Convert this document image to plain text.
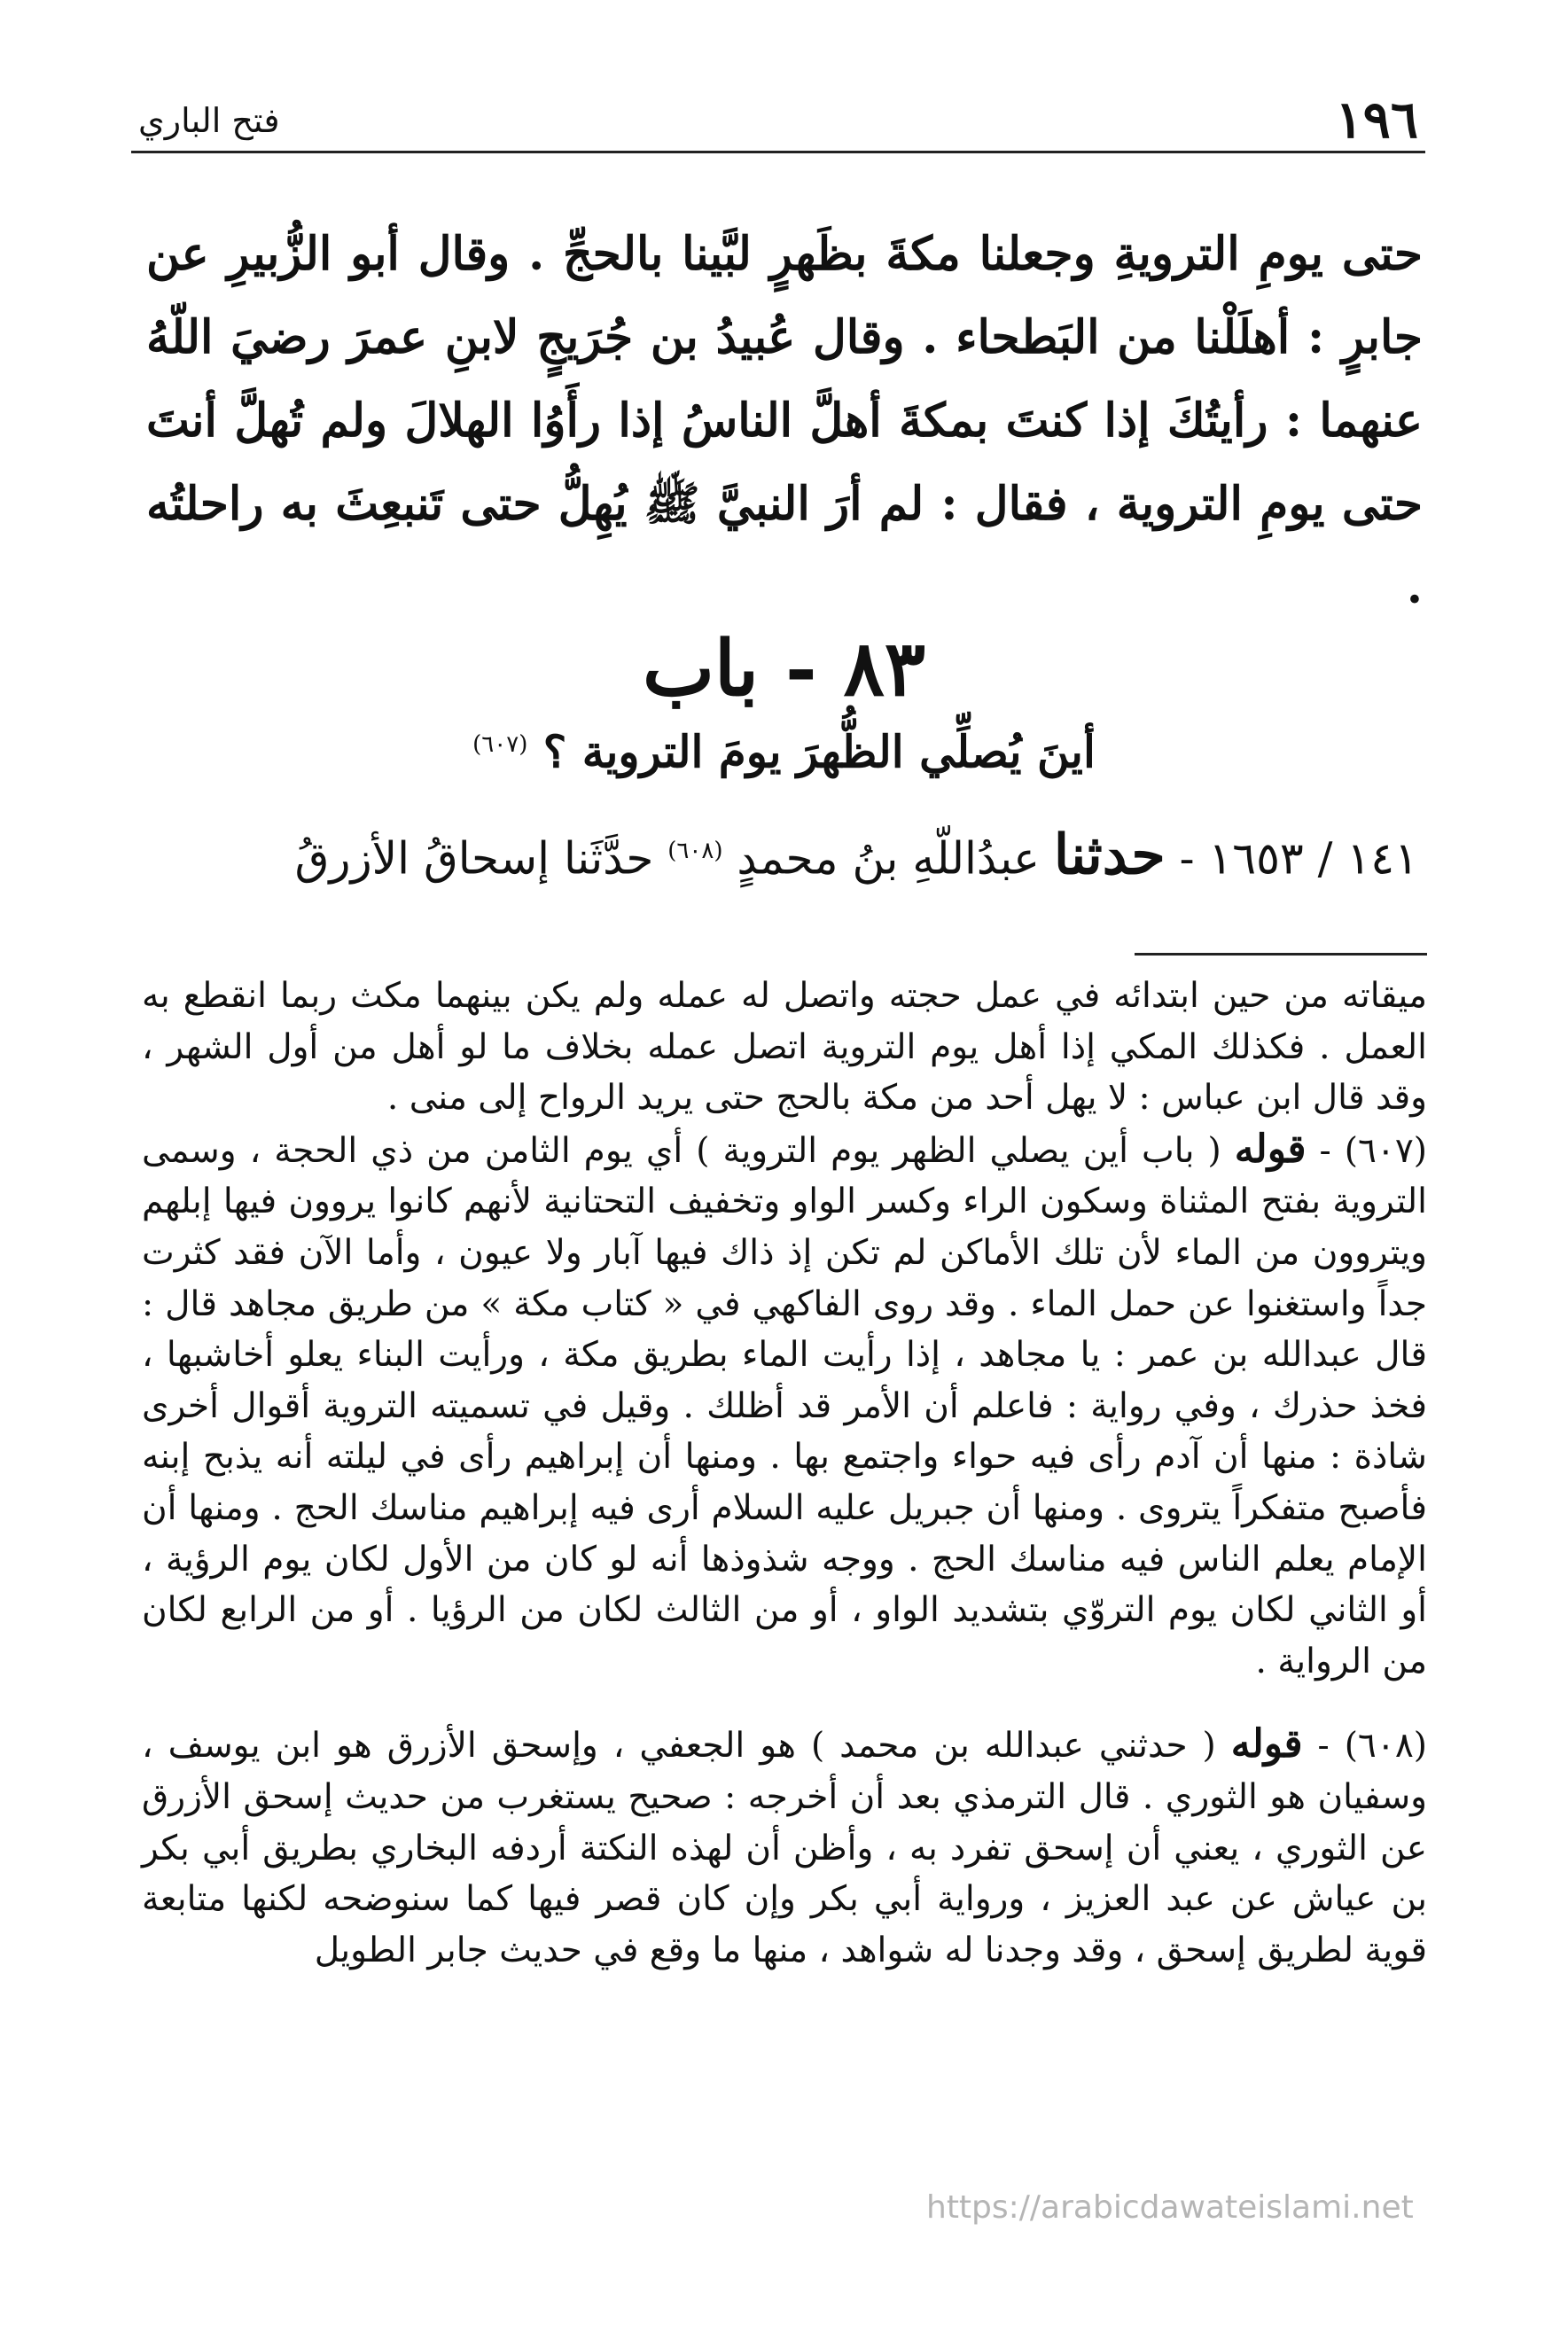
١٩٦
فتح الباري

حتى يومِ الترويةِ وجعلنا مكةَ بظَهرٍ لبَّينا بالحجِّ . وقال أبو الزُّبيرِ عن جابرٍ : أهلَلْنا من البَطحاء . وقال عُبيدُ بن جُرَيجٍ لابنِ عمرَ رضيَ اللّهُ عنهما : رأيتُكَ إذا كنتَ بمكةَ أهلَّ الناسُ إذا رأَوُا الهلالَ ولم تُهلَّ أنتَ حتى يومِ التروية ، فقال : لم أرَ النبيَّ ﷺ يُهِلُّ حتى تَنبعِثَ به راحلتُه .

٨٣ - باب
أينَ يُصلِّي الظُّهرَ يومَ التروية ؟ $^{(٦٠٧)}$
١٤١ / ١٦٥٣ - حدثنا عبدُاللّهِ بنُ محمدٍ $^{(٦٠٨)}$ حدَّثَنا إسحاقُ الأزرقُ

ميقاته من حين ابتدائه في عمل حجته واتصل له عمله ولم يكن بينهما مكث ربما انقطع به العمل . فكذلك المكي إذا أهل يوم التروية اتصل عمله بخلاف ما لو أهل من أول الشهر ، وقد قال ابن عباس : لا يهل أحد من مكة بالحج حتى يريد الرواح إلى منى .

(٦٠٧) - قوله ( باب أين يصلي الظهر يوم التروية ) أي يوم الثامن من ذي الحجة ، وسمى التروية بفتح المثناة وسكون الراء وكسر الواو وتخفيف التحتانية لأنهم كانوا يروون فيها إبلهم ويتروون من الماء لأن تلك الأماكن لم تكن إذ ذاك فيها آبار ولا عيون ، وأما الآن فقد كثرت جداً واستغنوا عن حمل الماء . وقد روى الفاكهي في « كتاب مكة » من طريق مجاهد قال : قال عبدالله بن عمر : يا مجاهد ، إذا رأيت الماء بطريق مكة ، ورأيت البناء يعلو أخاشبها ، فخذ حذرك ، وفي رواية : فاعلم أن الأمر قد أظلك . وقيل في تسميته التروية أقوال أخرى شاذة : منها أن آدم رأى فيه حواء واجتمع بها . ومنها أن إبراهيم رأى في ليلته أنه يذبح إبنه فأصبح متفكراً يتروى . ومنها أن جبريل عليه السلام أرى فيه إبراهيم مناسك الحج . ومنها أن الإمام يعلم الناس فيه مناسك الحج . ووجه شذوذها أنه لو كان من الأول لكان يوم الرؤية ، أو الثاني لكان يوم التروّي بتشديد الواو ، أو من الثالث لكان من الرؤيا . أو من الرابع لكان من الرواية .

(٦٠٨) - قوله ( حدثني عبدالله بن محمد ) هو الجعفي ، وإسحق الأزرق هو ابن يوسف ، وسفيان هو الثوري . قال الترمذي بعد أن أخرجه : صحيح يستغرب من حديث إسحق الأزرق عن الثوري ، يعني أن إسحق تفرد به ، وأظن أن لهذه النكتة أردفه البخاري بطريق أبي بكر بن عياش عن عبد العزيز ، ورواية أبي بكر وإن كان قصر فيها كما سنوضحه لكنها متابعة قوية لطريق إسحق ، وقد وجدنا له شواهد ، منها ما وقع في حديث جابر الطويل

https://arabicdawateislami.net
